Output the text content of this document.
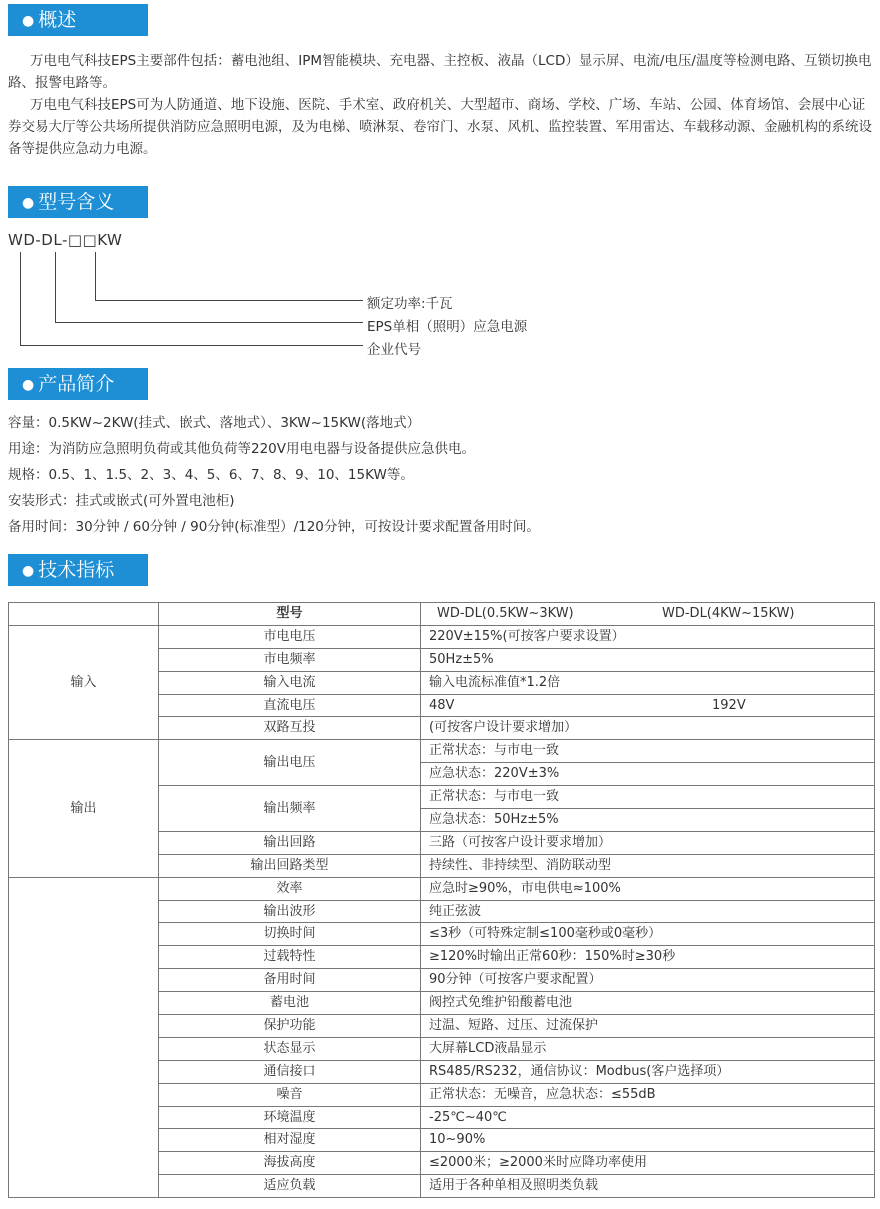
● 概述

万电电气科技EPS主要部件包括：蓄电池组、IPM智能模块、充电器、主控板、液晶（LCD）显示屏、电流/电压/温度等检测电路、互锁切换电路、报警电路等。

万电电气科技EPS可为人防通道、地下设施、医院、手术室、政府机关、大型超市、商场、学校、广场、车站、公园、体育场馆、会展中心证券交易大厅等公共场所提供消防应急照明电源，及为电梯、喷淋泵、卷帘门、水泵、风机、监控装置、军用雷达、车载移动源、金融机构的系统设备等提供应急动力电源。

● 型号含义
WD-DL-□□KW
额定功率:千瓦
EPS单相（照明）应急电源
企业代号
● 产品简介
容量：0.5KW~2KW(挂式、嵌式、落地式）、3KW~15KW(落地式）
用途：为消防应急照明负荷或其他负荷等220V用电电器与设备提供应急供电。
规格：0.5、1、1.5、2、3、4、5、6、7、8、9、10、15KW等。
安装形式：挂式或嵌式(可外置电池柜)
备用时间：30分钟 / 60分钟 / 90分钟(标准型）/120分钟，可按设计要求配置备用时间。
● 技术指标
	型号	WD-DL(0.5KW~3KW) WD-DL(4KW~15KW)

输入	市电电压	220V±15%(可按客户要求设置）
	市电频率	50Hz±5%
	输入电流	输入电流标准值*1.2倍
	直流电压	48V 192V

	双路互投	(可按客户设计要求增加）
输出	输出电压	正常状态：与市电一致
		应急状态：220V±3%
	输出频率	正常状态：与市电一致
		应急状态：50Hz±5%
	输出回路	三路（可按客户设计要求增加）
	输出回路类型	持续性、非持续型、消防联动型
	效率	应急时≥90%，市电供电≈100%
	输出波形	纯正弦波
	切换时间	≤3秒（可特殊定制≤100毫秒或0毫秒）
	过载特性	≥120%时输出正常60秒：150%时≥30秒
	备用时间	90分钟（可按客户要求配置）
	蓄电池	阀控式免维护铅酸蓄电池
	保护功能	过温、短路、过压、过流保护
	状态显示	大屏幕LCD液晶显示
	通信接口	RS485/RS232，通信协议：Modbus(客户选择项）
	噪音	正常状态：无噪音，应急状态：≤55dB
	环境温度	-25℃~40℃
	相对湿度	10~90%
	海拔高度	≤2000米；≥2000米时应降功率使用
	适应负载	适用于各种单相及照明类负载
